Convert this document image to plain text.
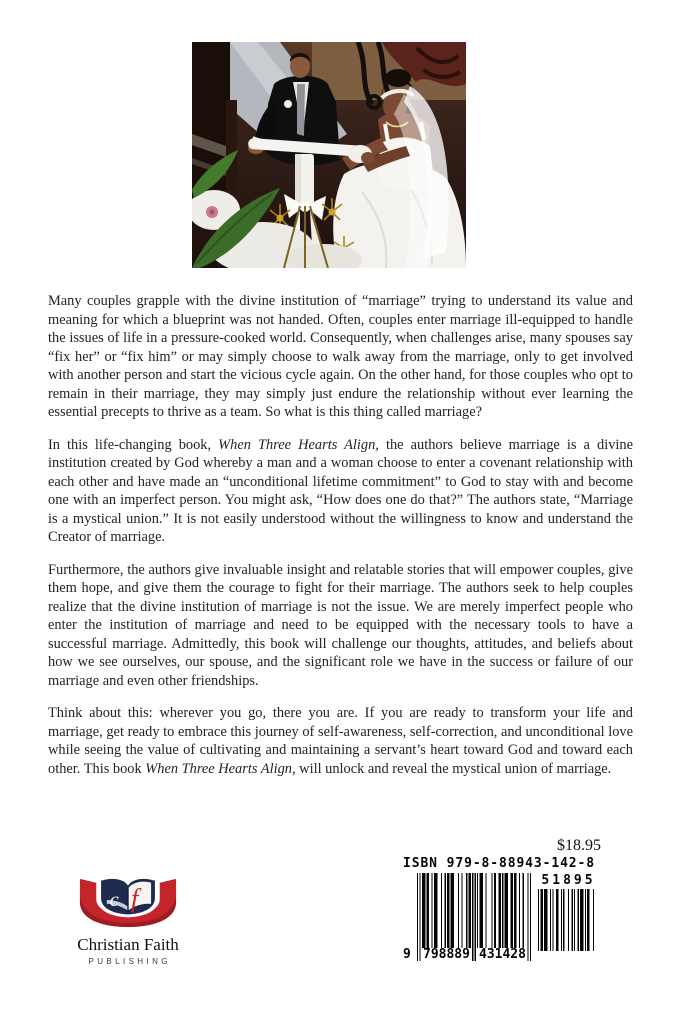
Many couples grapple with the divine institution of “marriage” trying to understand its value and meaning for which a blueprint was not handed. Often, couples enter marriage ill-equipped to handle the issues of life in a pressure-cooked world. Consequently, when challenges arise, many spouses say “fix her” or “fix him” or may simply choose to walk away from the marriage, only to get involved with another person and start the vicious cycle again. On the other hand, for those couples who opt to remain in their marriage, they may simply just endure the relationship without ever learning the essential precepts to thrive as a team. So what is this thing called marriage?

In this life-changing book, When Three Hearts Align, the authors believe marriage is a divine institution created by God whereby a man and a woman choose to enter a covenant relationship with each other and have made an “unconditional lifetime commitment” to God to stay with and become one with an imperfect person. You might ask, “How does one do that?” The authors state, “Marriage is a mystical union.” It is not easily understood without the willingness to know and understand the Creator of marriage.

Furthermore, the authors give invaluable insight and relatable stories that will empower couples, give them hope, and give them the courage to fight for their marriage. The authors seek to help couples realize that the divine institution of marriage is not the issue. We are merely imperfect people who enter the institution of marriage and need to be equipped with the necessary tools to have a successful marriage. Admittedly, this book will challenge our thoughts, attitudes, and beliefs about how we see ourselves, our spouse, and the significant role we have in the success or failure of our marriage and even other friendships.

Think about this: wherever you go, there you are. If you are ready to transform your life and marriage, get ready to embrace this journey of self-awareness, self-correction, and unconditional love while seeing the value of cultivating and maintaining a servant’s heart toward God and toward each other. This book When Three Hearts Align, will unlock and reveal the mystical union of marriage.

$18.95
ISBN 979-8-88943-142-8
9 798889 431428
51895
c f
Christian Faith
PUBLISHING
